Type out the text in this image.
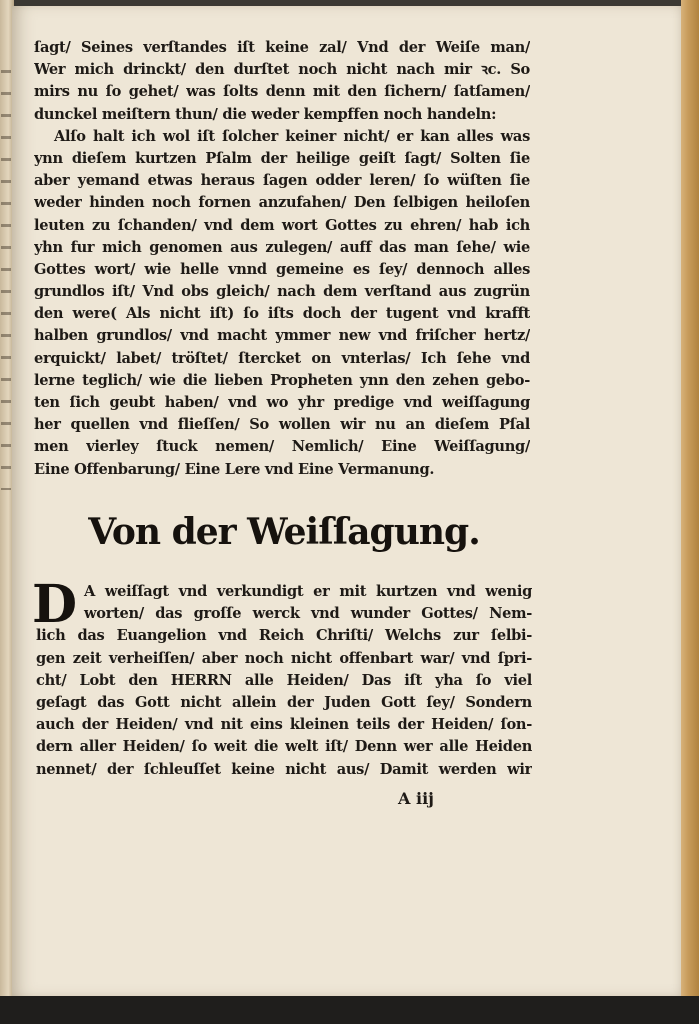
ſagt/ Seines verſtandes iſt keine zal/ Vnd der Weiſe man/
Wer mich drinckt/ den durſtet noch nicht nach mir ꝛc. So
mirs nu ſo gehet/ was ſolts denn mit den ſichern/ ſatſamen/
dunckel meiſtern thun/ die weder kempffen noch handeln:
Alſo halt ich wol iſt ſolcher keiner nicht/ er kan alles was
ynn dieſem kurtzen Pſalm der heilige geiſt ſagt/ Solten ſie
aber yemand etwas heraus ſagen odder leren/ ſo wüſten ſie
weder hinden noch fornen anzufahen/ Den ſelbigen heiloſen
leuten zu ſchanden/ vnd dem wort Gottes zu ehren/ hab ich
yhn fur mich genomen aus zulegen/ auff das man ſehe/ wie
Gottes wort/ wie helle vnnd gemeine es ſey/ dennoch alles
grundlos iſt/ Vnd obs gleich/ nach dem verſtand aus zugrün
den were( Als nicht iſt) ſo iſts doch der tugent vnd krafft
halben grundlos/ vnd macht ymmer new vnd friſcher hertz/
erquickt/ labet/ tröſtet/ ſtercket on vnterlas/ Ich ſehe vnd
lerne teglich/ wie die lieben Propheten ynn den zehen gebo-
ten ſich geubt haben/ vnd wo yhr predige vnd weiſſagung
her quellen vnd flieſſen/ So wollen wir nu an dieſem Pſal
men vierley ſtuck nemen/ Nemlich/ Eine Weiſſagung/
Eine Offenbarung/ Eine Lere vnd Eine Vermanung.
Von der Weiſſagung.
D A weiſſagt vnd verkundigt er mit kurtzen vnd wenig
worten/ das groſſe werck vnd wunder Gottes/ Nem-
lich das Euangelion vnd Reich Chriſti/ Welchs zur ſelbi-
gen zeit verheiſſen/ aber noch nicht offenbart war/ vnd ſpri-
cht/ Lobt den HERRN alle Heiden/ Das iſt yha ſo viel
geſagt das Gott nicht allein der Juden Gott ſey/ Sondern
auch der Heiden/ vnd nit eins kleinen teils der Heiden/ ſon-
dern aller Heiden/ ſo weit die welt iſt/ Denn wer alle Heiden
nennet/ der ſchleuſſet keine nicht aus/ Damit werden wir
A iij
